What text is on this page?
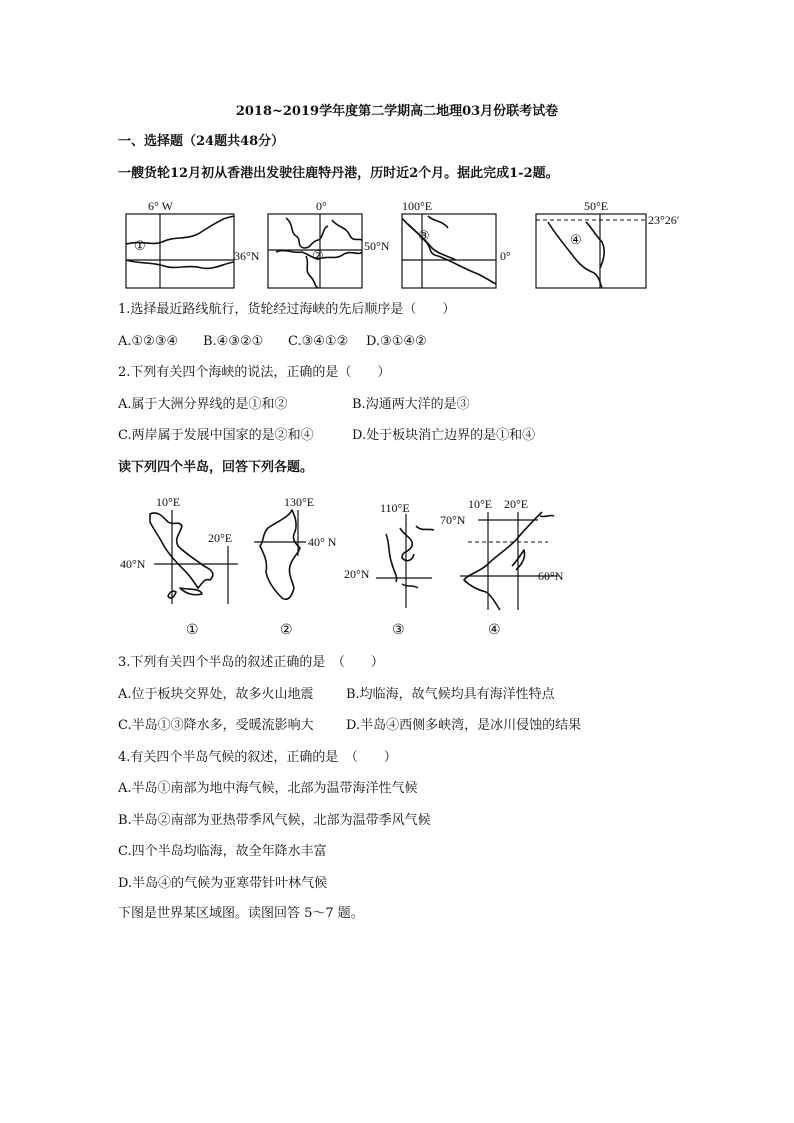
2018~2019学年度第二学期高二地理03月份联考试卷
一、选择题（24题共48分）
一艘货轮12月初从香港出发驶往鹿特丹港，历时近2个月。据此完成1-2题。
6° W
①
36°N
0°
②
50°N
100°E
③
0°
50°E
④
23°26′
1.选择最近路线航行，货轮经过海峡的先后顺序是（　　）
A.①②③④ B.④③②① C.③④①② D.③①④②
2.下列有关四个海峡的说法，正确的是（　　）
A.属于大洲分界线的是①和②	B.沟通两大洋的是③
C.两岸属于发展中国家的是②和④	D.处于板块消亡边界的是①和④
读下列四个半岛，回答下列各题。
10°E
20°E
40°N
①
130°E
40° N
②
110°E
20°N
③
10°E 20°E
70°N
60°N
④
3.下列有关四个半岛的叙述正确的是　（　　）
A.位于板块交界处，故多火山地震 B.均临海，故气候均具有海洋性特点
C.半岛①③降水多，受暖流影响大 D.半岛④西侧多峡湾，是冰川侵蚀的结果
4.有关四个半岛气候的叙述，正确的是　（　　）
A.半岛①南部为地中海气候，北部为温带海洋性气候
B.半岛②南部为亚热带季风气候，北部为温带季风气候
C.四个半岛均临海，故全年降水丰富
D.半岛④的气候为亚寒带针叶林气候
下图是世界某区域图。读图回答 5～7 题。
